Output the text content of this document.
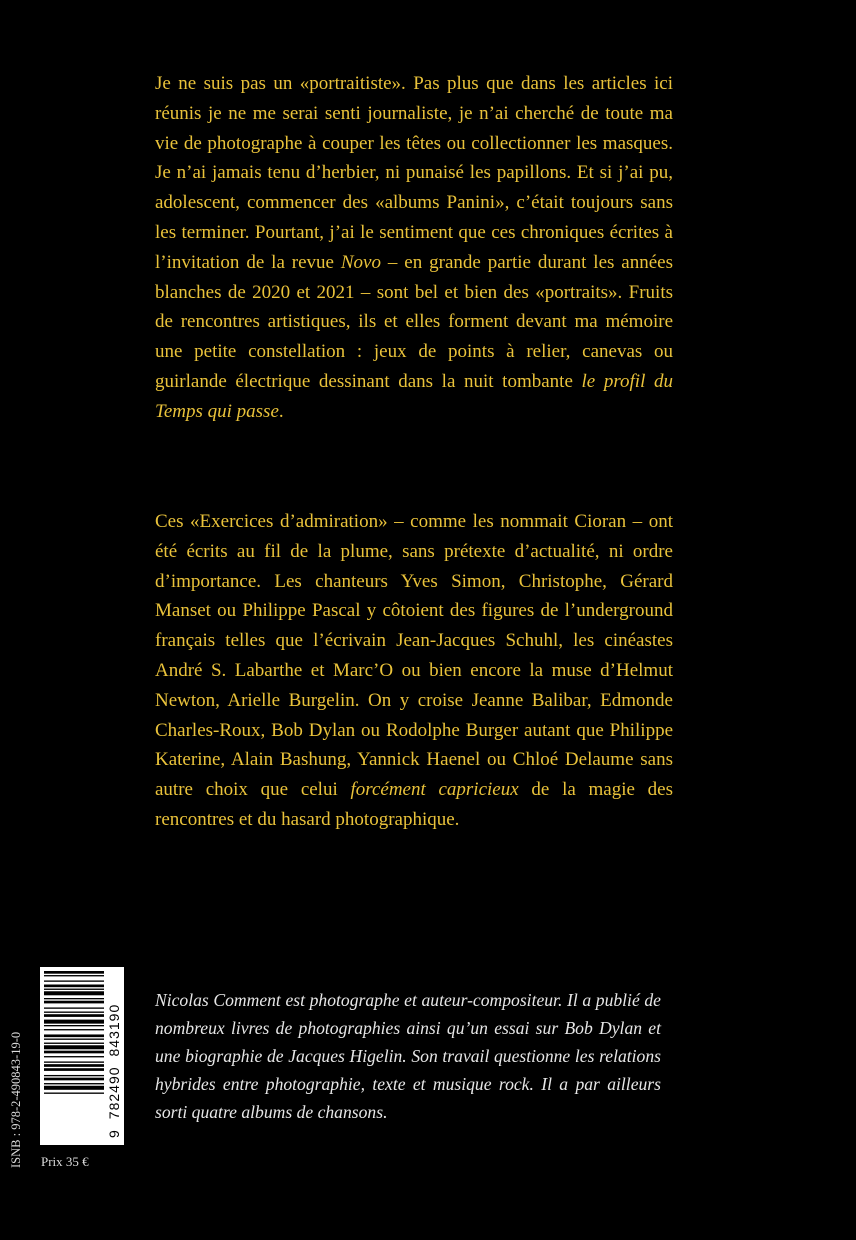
Je ne suis pas un «portraitiste». Pas plus que dans les articles ici réunis je ne me serai senti journaliste, je n’ai cherché de toute ma vie de photographe à couper les têtes ou collectionner les masques. Je n’ai jamais tenu d’herbier, ni punaisé les papillons. Et si j’ai pu, adolescent, commencer des «albums Panini», c’était toujours sans les terminer. Pourtant, j’ai le sentiment que ces chroniques écrites à l’invitation de la revue Novo – en grande partie durant les années blanches de 2020 et 2021 – sont bel et bien des «portraits». Fruits de rencontres artistiques, ils et elles forment devant ma mémoire une petite constellation : jeux de points à relier, canevas ou guirlande électrique dessinant dans la nuit tombante le profil du Temps qui passe.

Ces «Exercices d’admiration» – comme les nommait Cioran – ont été écrits au fil de la plume, sans prétexte d’actualité, ni ordre d’importance. Les chanteurs Yves Simon, Christophe, Gérard Manset ou Philippe Pascal y côtoient des figures de l’underground français telles que l’écrivain Jean-Jacques Schuhl, les cinéastes André S. Labarthe et Marc’O ou bien encore la muse d’Helmut Newton, Arielle Burgelin. On y croise Jeanne Balibar, Edmonde Charles-Roux, Bob Dylan ou Rodolphe Burger autant que Philippe Katerine, Alain Bashung, Yannick Haenel ou Chloé Delaume sans autre choix que celui forcément capricieux de la magie des rencontres et du hasard photographique.

Nicolas Comment est photographe et auteur-compositeur. Il a publié de nombreux livres de photographies ainsi qu’un essai sur Bob Dylan et une biographie de Jacques Higelin. Son travail questionne les relations hybrides entre photographie, texte et musique rock. Il a par ailleurs sorti quatre albums de chansons.

9
782490
843190
ISNB : 978-2-490843-19-0 Prix 35 €
